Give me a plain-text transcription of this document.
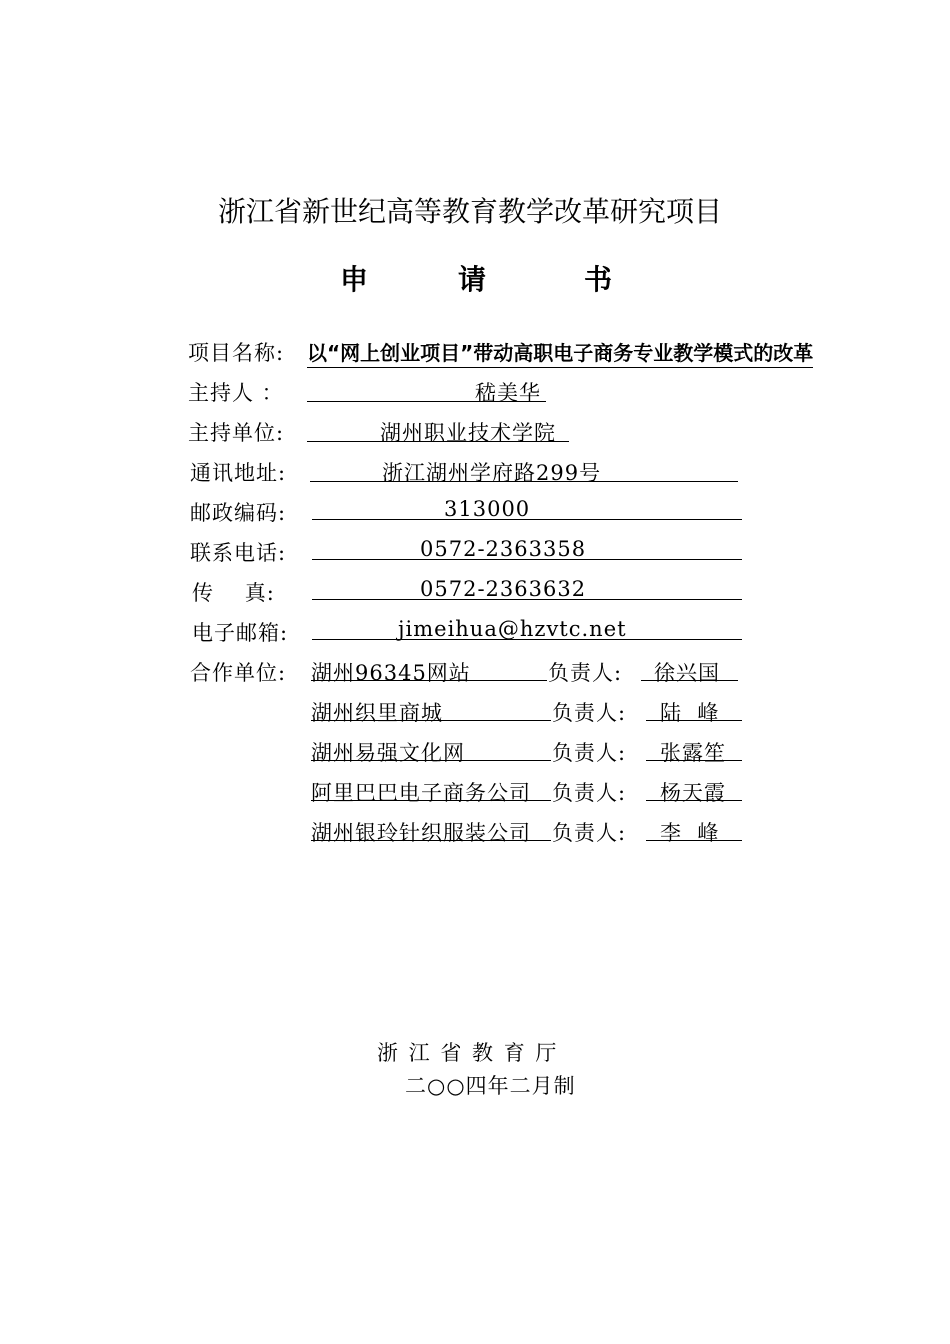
浙江省新世纪高等教育教学改革研究项目
申	请	书
项目名称: 以“网上创业项目”带动高职电子商务专业教学模式的改革
主持人 ：	嵇美华
主持单位:	湖州职业技术学院
通讯地址:	浙江湖州学府路299号
邮政编码:	313000
联系电话:	0572-2363358
传    真:	0572-2363632
电子邮箱:	jimeihua@hzvtc.net
合作单位: 湖州96345网站	负责人: 徐兴国
湖州织里商城	负责人: 陆  峰
湖州易强文化网	负责人: 张露笙
阿里巴巴电子商务公司 负责人: 杨天霞
湖州银玲针织服装公司 负责人: 李  峰
浙 江 省 教 育 厅
二○○四年二月制
